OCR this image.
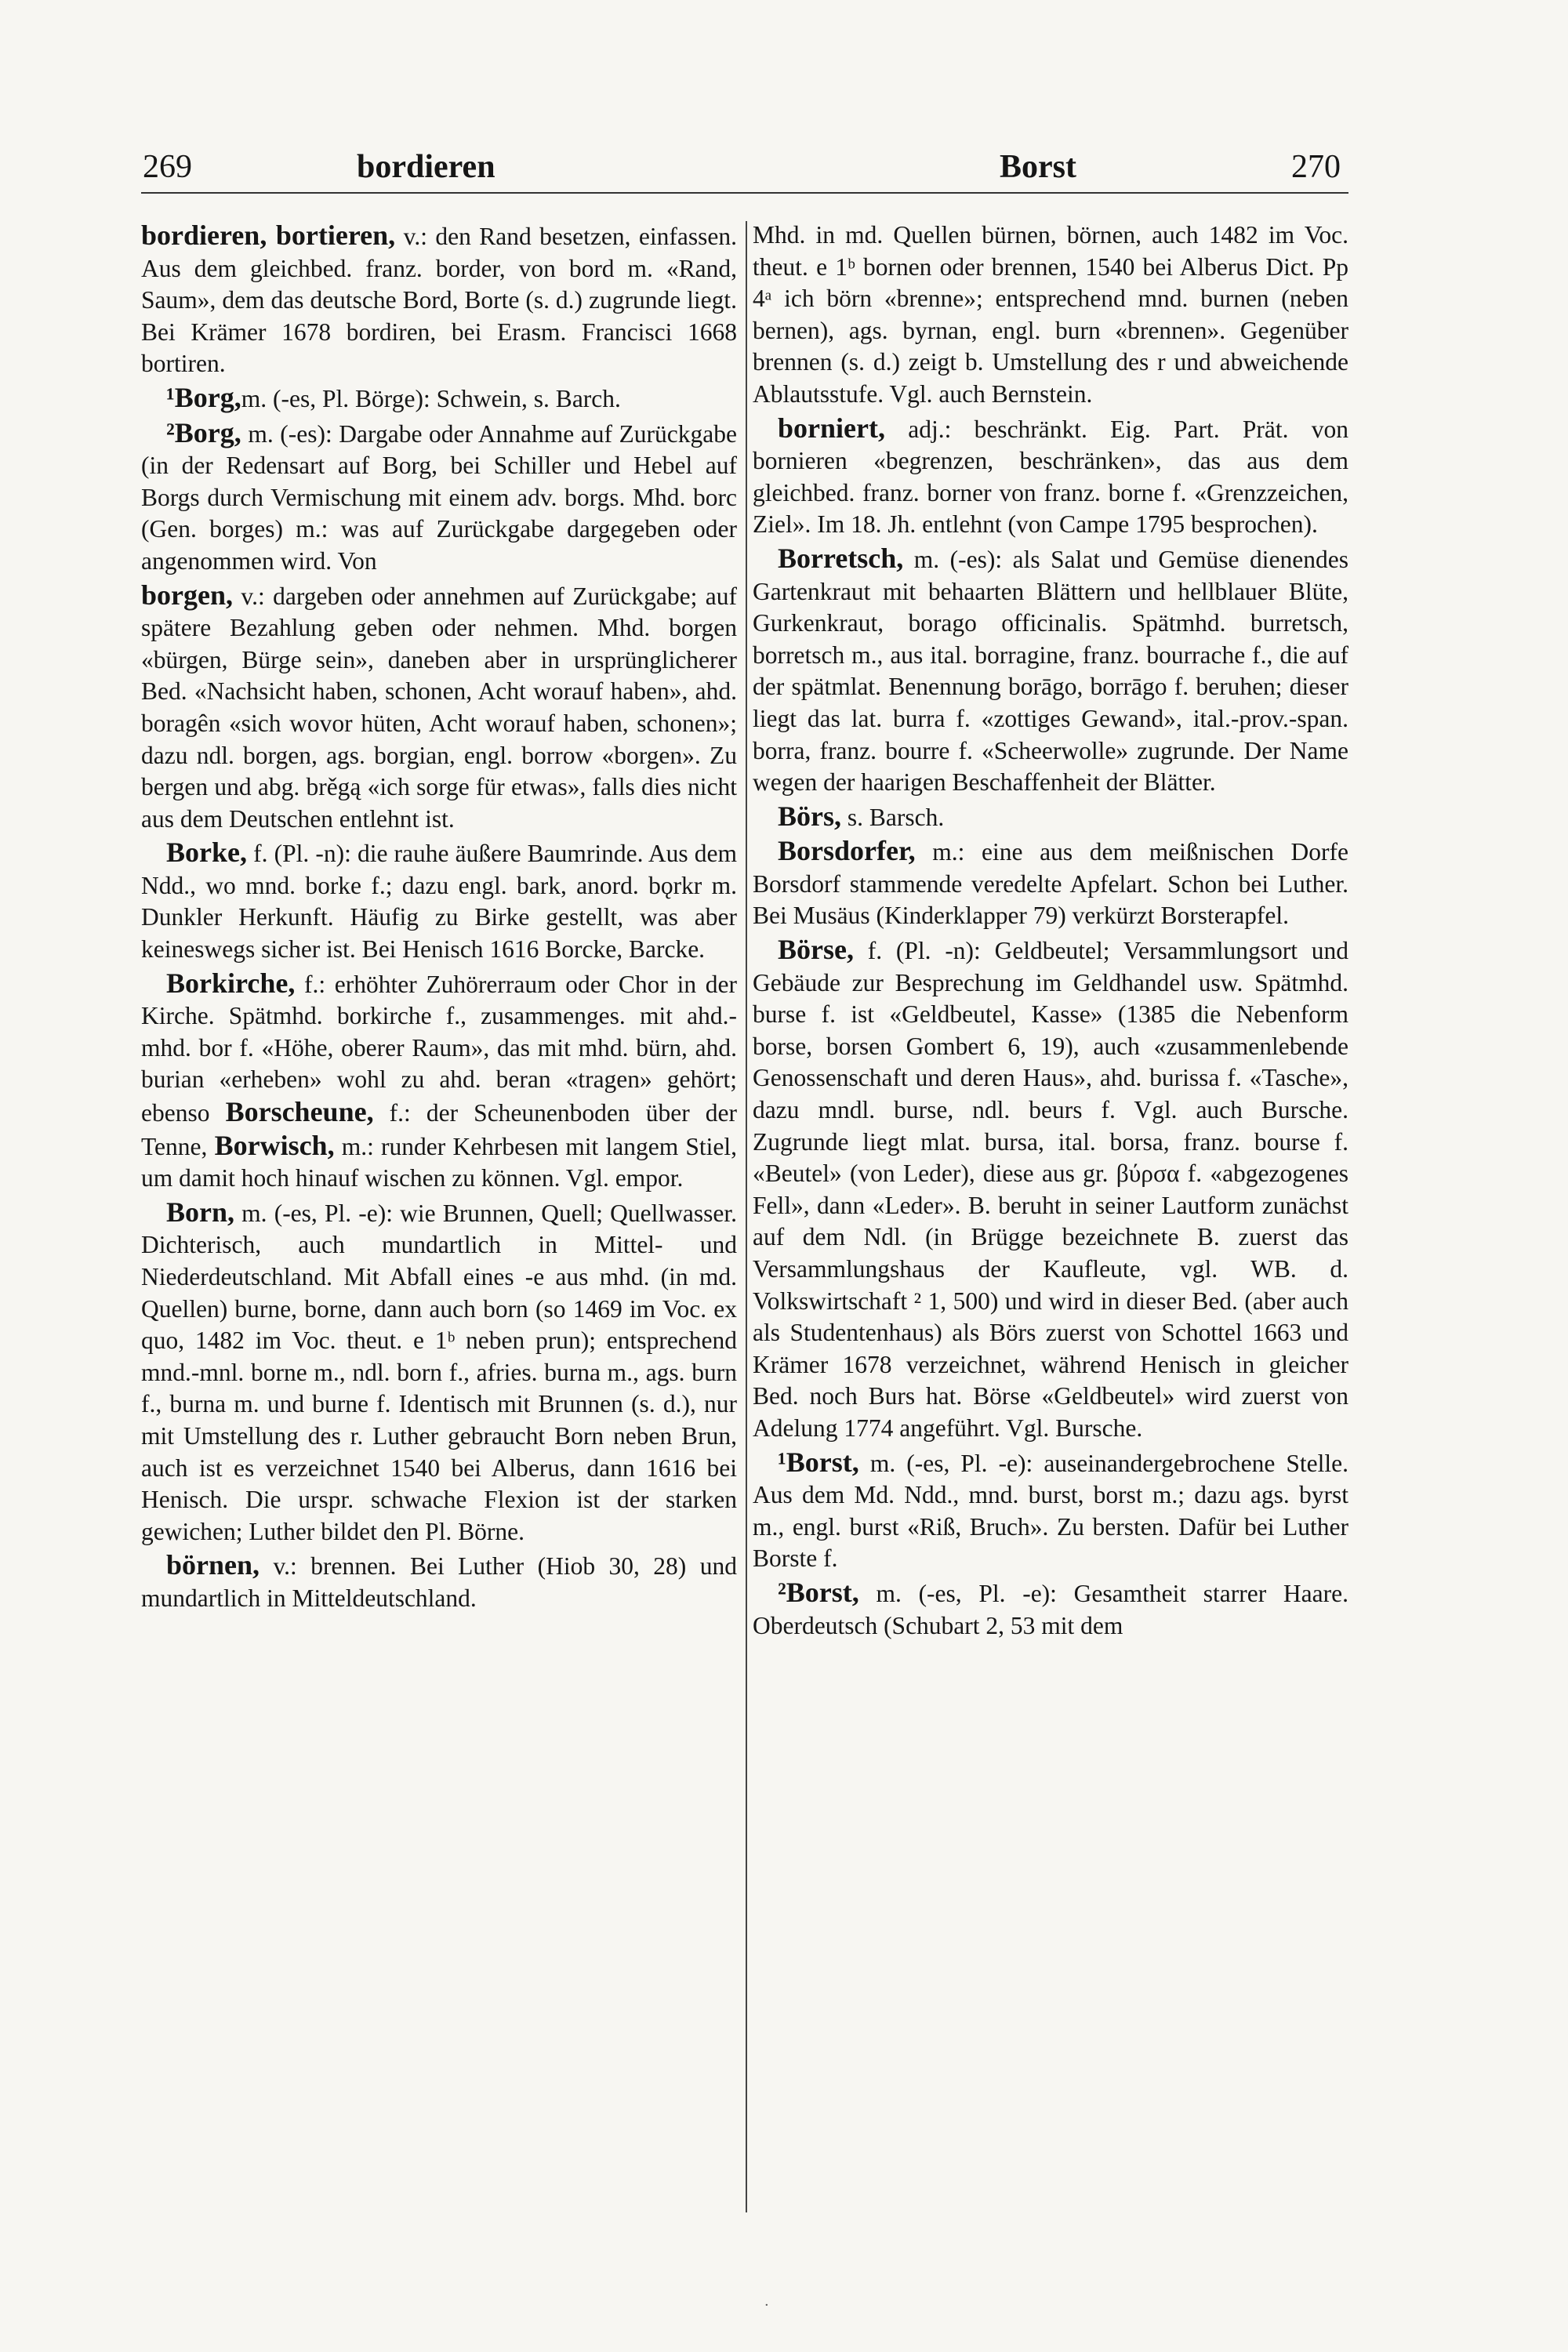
269	bordieren	Borst	270

bordieren, bortieren, v.: den Rand besetzen, einfassen. Aus dem gleichbed. franz. border, von bord m. «Rand, Saum», dem das deutsche Bord, Borte (s. d.) zugrunde liegt. Bei Krämer 1678 bordiren, bei Erasm. Francisci 1668 bortiren.

¹Borg,m. (-es, Pl. Börge): Schwein, s. Barch.

²Borg, m. (-es): Dargabe oder Annahme auf Zurückgabe (in der Redensart auf Borg, bei Schiller und Hebel auf Borgs durch Vermischung mit einem adv. borgs. Mhd. borc (Gen. borges) m.: was auf Zurückgabe dargegeben oder angenommen wird. Von

borgen, v.: dargeben oder annehmen auf Zurückgabe; auf spätere Bezahlung geben oder nehmen. Mhd. borgen «bürgen, Bürge sein», daneben aber in ursprünglicherer Bed. «Nachsicht haben, schonen, Acht worauf haben», ahd. boragên «sich wovor hüten, Acht worauf haben, schonen»; dazu ndl. borgen, ags. borgian, engl. borrow «borgen». Zu bergen und abg. brěgą «ich sorge für etwas», falls dies nicht aus dem Deutschen entlehnt ist.

Borke, f. (Pl. -n): die rauhe äußere Baumrinde. Aus dem Ndd., wo mnd. borke f.; dazu engl. bark, anord. bǫrkr m. Dunkler Herkunft. Häufig zu Birke gestellt, was aber keineswegs sicher ist. Bei Henisch 1616 Borcke, Barcke.

Borkirche, f.: erhöhter Zuhörerraum oder Chor in der Kirche. Spätmhd. borkirche f., zusammenges. mit ahd.-mhd. bor f. «Höhe, oberer Raum», das mit mhd. bürn, ahd. burian «erheben» wohl zu ahd. beran «tragen» gehört; ebenso Borscheune, f.: der Scheunenboden über der Tenne, Borwisch, m.: runder Kehrbesen mit langem Stiel, um damit hoch hinauf wischen zu können. Vgl. empor.

Born, m. (-es, Pl. -e): wie Brunnen, Quell; Quellwasser. Dichterisch, auch mundartlich in Mittel- und Niederdeutschland. Mit Abfall eines -e aus mhd. (in md. Quellen) burne, borne, dann auch born (so 1469 im Voc. ex quo, 1482 im Voc. theut. e 1ᵇ neben prun); entsprechend mnd.-mnl. borne m., ndl. born f., afries. burna m., ags. burn f., burna m. und burne f. Identisch mit Brunnen (s. d.), nur mit Umstellung des r. Luther gebraucht Born neben Brun, auch ist es verzeichnet 1540 bei Alberus, dann 1616 bei Henisch. Die urspr. schwache Flexion ist der starken gewichen; Luther bildet den Pl. Börne.

börnen, v.: brennen. Bei Luther (Hiob 30, 28) und mundartlich in Mitteldeutschland.

Mhd. in md. Quellen bürnen, börnen, auch 1482 im Voc. theut. e 1ᵇ bornen oder brennen, 1540 bei Alberus Dict. Pp 4ᵃ ich börn «brenne»; entsprechend mnd. burnen (neben bernen), ags. byrnan, engl. burn «brennen». Gegenüber brennen (s. d.) zeigt b. Umstellung des r und abweichende Ablautsstufe. Vgl. auch Bernstein.

borniert, adj.: beschränkt. Eig. Part. Prät. von bornieren «begrenzen, beschränken», das aus dem gleichbed. franz. borner von franz. borne f. «Grenzzeichen, Ziel». Im 18. Jh. entlehnt (von Campe 1795 besprochen).

Borretsch, m. (-es): als Salat und Gemüse dienendes Gartenkraut mit behaarten Blättern und hellblauer Blüte, Gurkenkraut, borago officinalis. Spätmhd. burretsch, borretsch m., aus ital. borragine, franz. bourrache f., die auf der spätmlat. Benennung borāgo, borrāgo f. beruhen; dieser liegt das lat. burra f. «zottiges Gewand», ital.-prov.-span. borra, franz. bourre f. «Scheerwolle» zugrunde. Der Name wegen der haarigen Beschaffenheit der Blätter.

Börs, s. Barsch.

Borsdorfer, m.: eine aus dem meißnischen Dorfe Borsdorf stammende veredelte Apfelart. Schon bei Luther. Bei Musäus (Kinderklapper 79) verkürzt Borsterapfel.

Börse, f. (Pl. -n): Geldbeutel; Versammlungsort und Gebäude zur Besprechung im Geldhandel usw. Spätmhd. burse f. ist «Geldbeutel, Kasse» (1385 die Nebenform borse, borsen Gombert 6, 19), auch «zusammenlebende Genossenschaft und deren Haus», ahd. burissa f. «Tasche», dazu mndl. burse, ndl. beurs f. Vgl. auch Bursche. Zugrunde liegt mlat. bursa, ital. borsa, franz. bourse f. «Beutel» (von Leder), diese aus gr. βύρσα f. «abgezogenes Fell», dann «Leder». B. beruht in seiner Lautform zunächst auf dem Ndl. (in Brügge bezeichnete B. zuerst das Versammlungshaus der Kaufleute, vgl. WB. d. Volkswirtschaft ² 1, 500) und wird in dieser Bed. (aber auch als Studentenhaus) als Börs zuerst von Schottel 1663 und Krämer 1678 verzeichnet, während Henisch in gleicher Bed. noch Burs hat. Börse «Geldbeutel» wird zuerst von Adelung 1774 angeführt. Vgl. Bursche.

¹Borst, m. (-es, Pl. -e): auseinandergebrochene Stelle. Aus dem Md. Ndd., mnd. burst, borst m.; dazu ags. byrst m., engl. burst «Riß, Bruch». Zu bersten. Dafür bei Luther Borste f.

²Borst, m. (-es, Pl. -e): Gesamtheit starrer Haare. Oberdeutsch (Schubart 2, 53 mit dem

·
